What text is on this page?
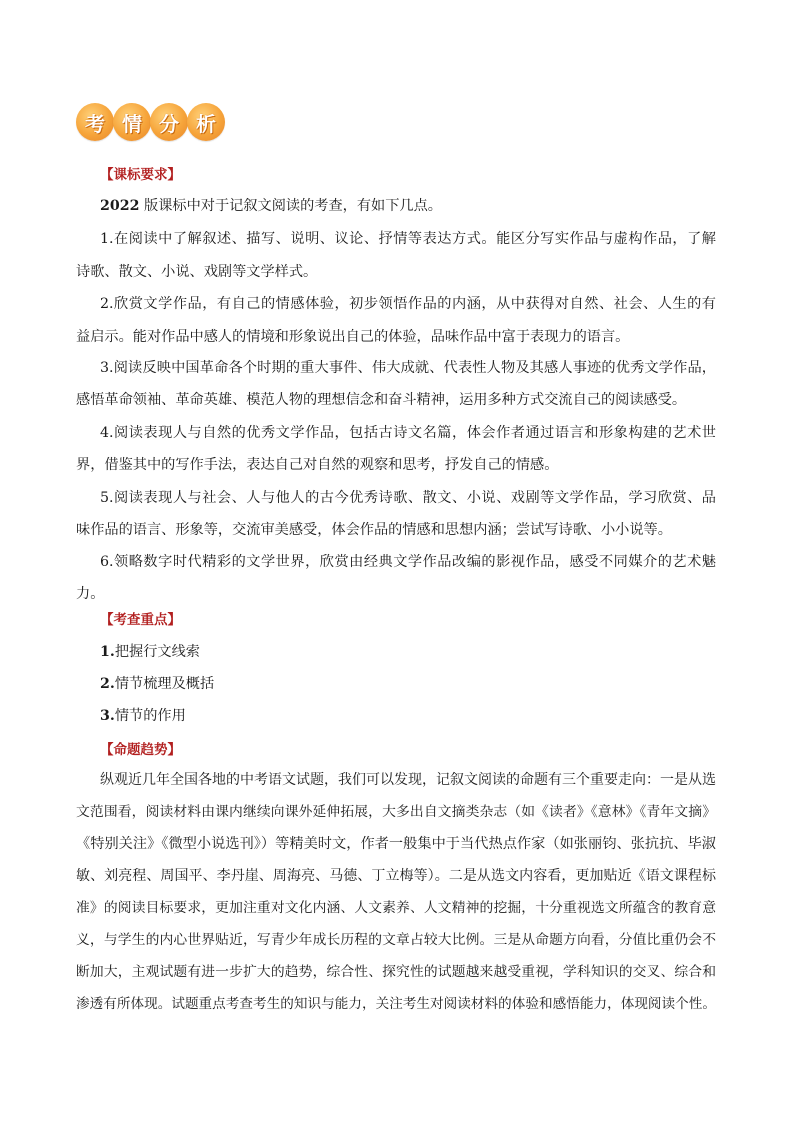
考 情 分 析
【课标要求】
2022 版课标中对于记叙文阅读的考查，有如下几点。
1.在阅读中了解叙述、描写、说明、议论、抒情等表达方式。能区分写实作品与虚构作品，了解
诗歌、散文、小说、戏剧等文学样式。
2.欣赏文学作品，有自己的情感体验，初步领悟作品的内涵，从中获得对自然、社会、人生的有
益启示。能对作品中感人的情境和形象说出自己的体验，品味作品中富于表现力的语言。
3.阅读反映中国革命各个时期的重大事件、伟大成就、代表性人物及其感人事迹的优秀文学作品，
感悟革命领袖、革命英雄、模范人物的理想信念和奋斗精神，运用多种方式交流自己的阅读感受。
4.阅读表现人与自然的优秀文学作品，包括古诗文名篇，体会作者通过语言和形象构建的艺术世
界，借鉴其中的写作手法，表达自己对自然的观察和思考，抒发自己的情感。
5.阅读表现人与社会、人与他人的古今优秀诗歌、散文、小说、戏剧等文学作品，学习欣赏、品
味作品的语言、形象等，交流审美感受，体会作品的情感和思想内涵；尝试写诗歌、小小说等。
6.领略数字时代精彩的文学世界，欣赏由经典文学作品改编的影视作品，感受不同媒介的艺术魅
力。
【考查重点】
1.把握行文线索
2.情节梳理及概括
3.情节的作用
【命题趋势】
纵观近几年全国各地的中考语文试题，我们可以发现，记叙文阅读的命题有三个重要走向：一是从选
文范围看，阅读材料由课内继续向课外延伸拓展，大多出自文摘类杂志（如《读者》《意林》《青年文摘》
《特别关注》《微型小说选刊》）等精美时文，作者一般集中于当代热点作家（如张丽钧、张抗抗、毕淑
敏、刘亮程、周国平、李丹崖、周海亮、马德、丁立梅等）。二是从选文内容看，更加贴近《语文课程标
准》的阅读目标要求，更加注重对文化内涵、人文素养、人文精神的挖掘，十分重视选文所蕴含的教育意
义，与学生的内心世界贴近，写青少年成长历程的文章占较大比例。三是从命题方向看，分值比重仍会不
断加大，主观试题有进一步扩大的趋势，综合性、探究性的试题越来越受重视，学科知识的交叉、综合和
渗透有所体现。试题重点考查考生的知识与能力，关注考生对阅读材料的体验和感悟能力，体现阅读个性。
